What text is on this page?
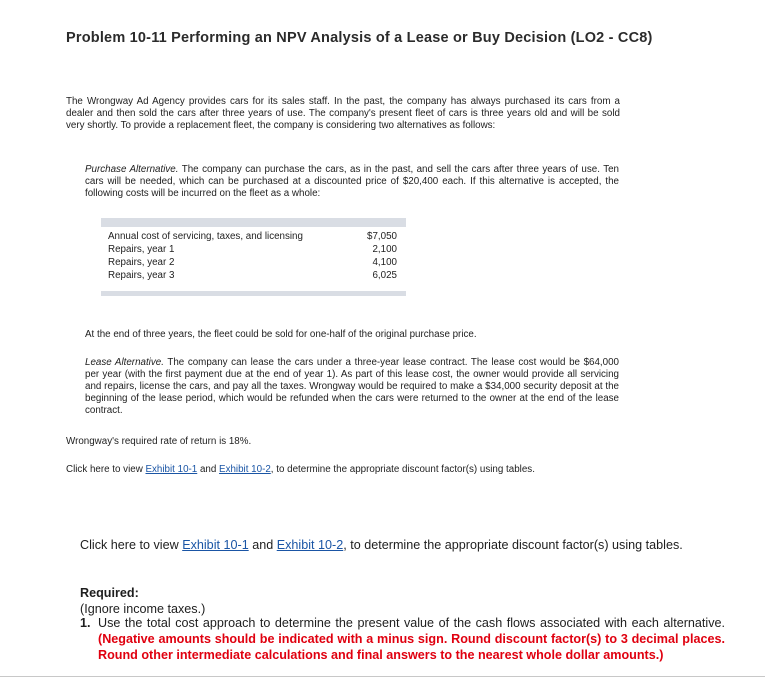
Problem 10-11 Performing an NPV Analysis of a Lease or Buy Decision (LO2 - CC8)
The Wrongway Ad Agency provides cars for its sales staff. In the past, the company has always purchased its cars from a dealer and then sold the cars after three years of use. The company's present fleet of cars is three years old and will be sold very shortly. To provide a replacement fleet, the company is considering two alternatives as follows:
Purchase Alternative. The company can purchase the cars, as in the past, and sell the cars after three years of use. Ten cars will be needed, which can be purchased at a discounted price of $20,400 each. If this alternative is accepted, the following costs will be incurred on the fleet as a whole:
Annual cost of servicing, taxes, and licensing	$7,050
Repairs, year 1	2,100
Repairs, year 2	4,100
Repairs, year 3	6,025
At the end of three years, the fleet could be sold for one-half of the original purchase price.
Lease Alternative. The company can lease the cars under a three-year lease contract. The lease cost would be $64,000 per year (with the first payment due at the end of year 1). As part of this lease cost, the owner would provide all servicing and repairs, license the cars, and pay all the taxes. Wrongway would be required to make a $34,000 security deposit at the beginning of the lease period, which would be refunded when the cars were returned to the owner at the end of the lease contract.
Wrongway's required rate of return is 18%.
Click here to view Exhibit 10-1 and Exhibit 10-2, to determine the appropriate discount factor(s) using tables.
Click here to view Exhibit 10-1 and Exhibit 10-2, to determine the appropriate discount factor(s) using tables.
Required:
(Ignore income taxes.)
1. Use the total cost approach to determine the present value of the cash flows associated with each alternative. (Negative amounts should be indicated with a minus sign. Round discount factor(s) to 3 decimal places. Round other intermediate calculations and final answers to the nearest whole dollar amounts.)
